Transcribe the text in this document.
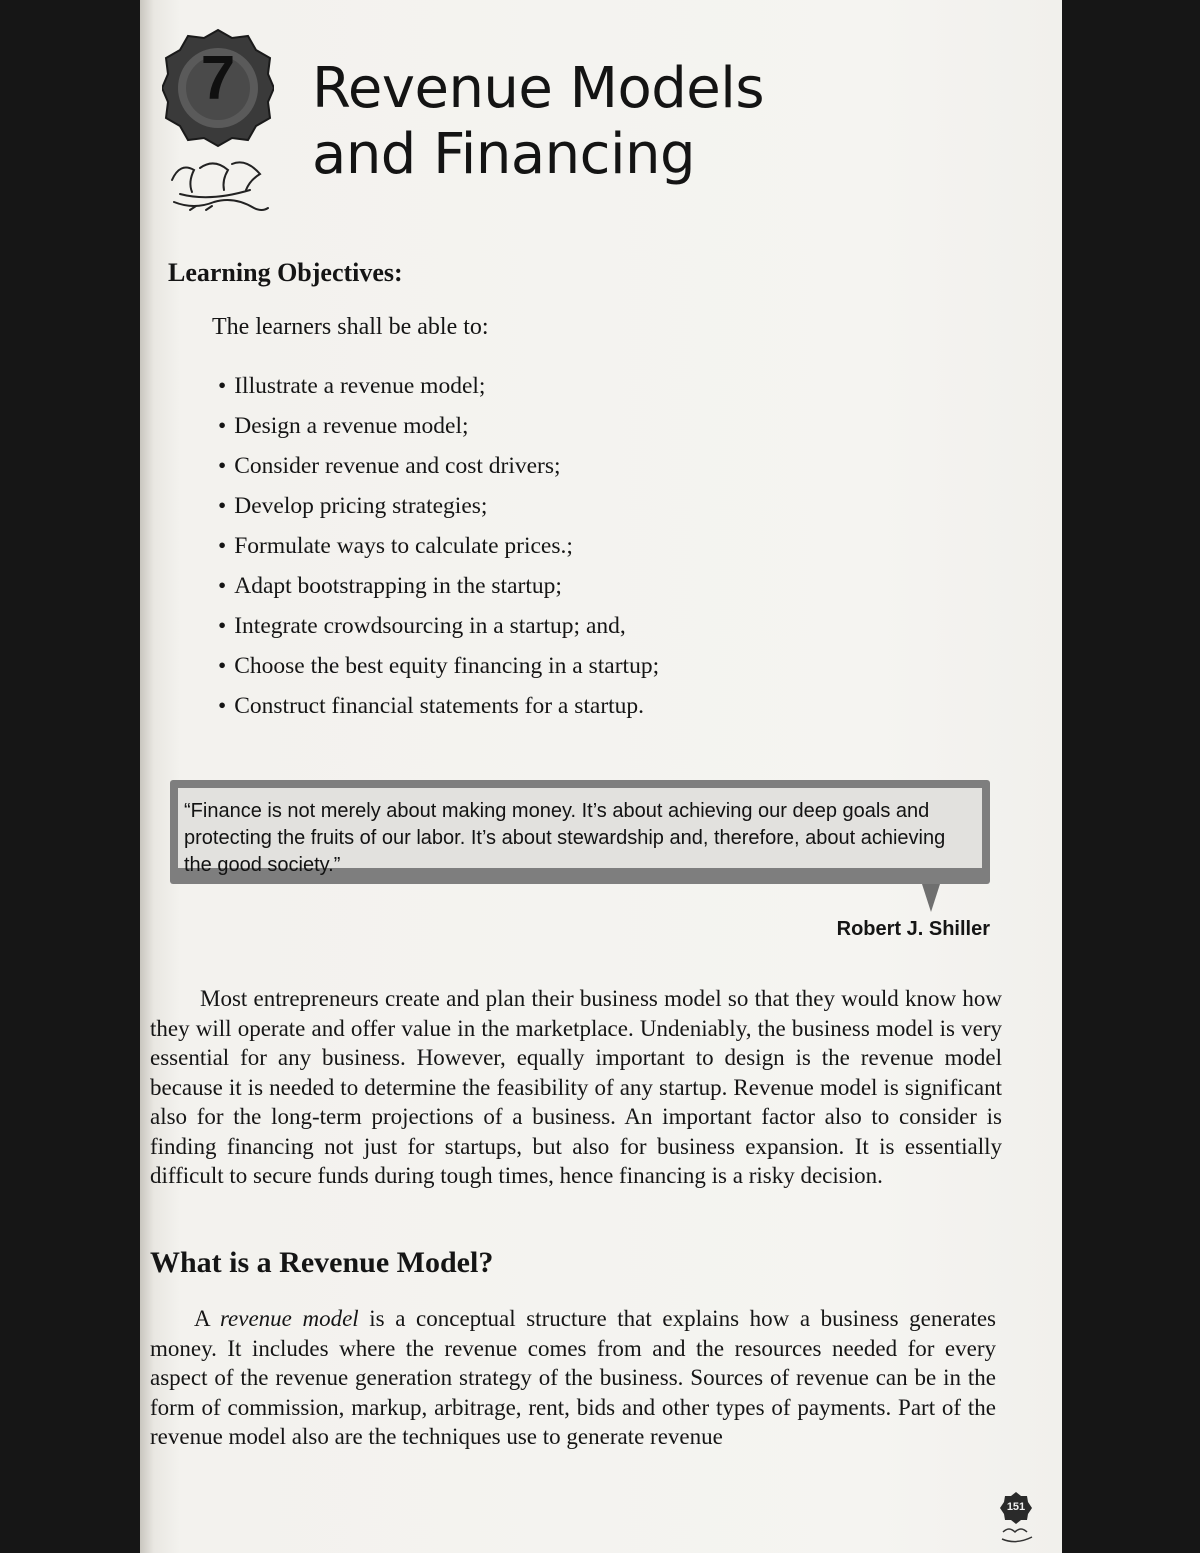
7	Revenue Models
and Financing
Learning Objectives:
The learners shall be able to:
• Illustrate a revenue model;
• Design a revenue model;
• Consider revenue and cost drivers;
• Develop pricing strategies;
• Formulate ways to calculate prices.;
• Adapt bootstrapping in the startup;
• Integrate crowdsourcing in a startup; and,
• Choose the best equity financing in a startup;
• Construct financial statements for a startup.
“Finance is not merely about making money. It’s about achieving our deep goals and protecting the fruits of our labor. It’s about stewardship and, therefore, about achieving the good society.”
Robert J. Shiller

Most entrepreneurs create and plan their business model so that they would know how they will operate and offer value in the marketplace. Undeniably, the business model is very essential for any business. However, equally important to design is the revenue model because it is needed to determine the feasibility of any startup. Revenue model is significant also for the long-term projections of a business. An important factor also to consider is finding financing not just for startups, but also for business expansion. It is essentially difficult to secure funds during tough times, hence financing is a risky decision.

What is a Revenue Model?

A revenue model is a conceptual structure that explains how a business generates money. It includes where the revenue comes from and the resources needed for every aspect of the revenue generation strategy of the business. Sources of revenue can be in the form of commission, markup, arbitrage, rent, bids and other types of payments. Part of the revenue model also are the techniques use to generate revenue

151
